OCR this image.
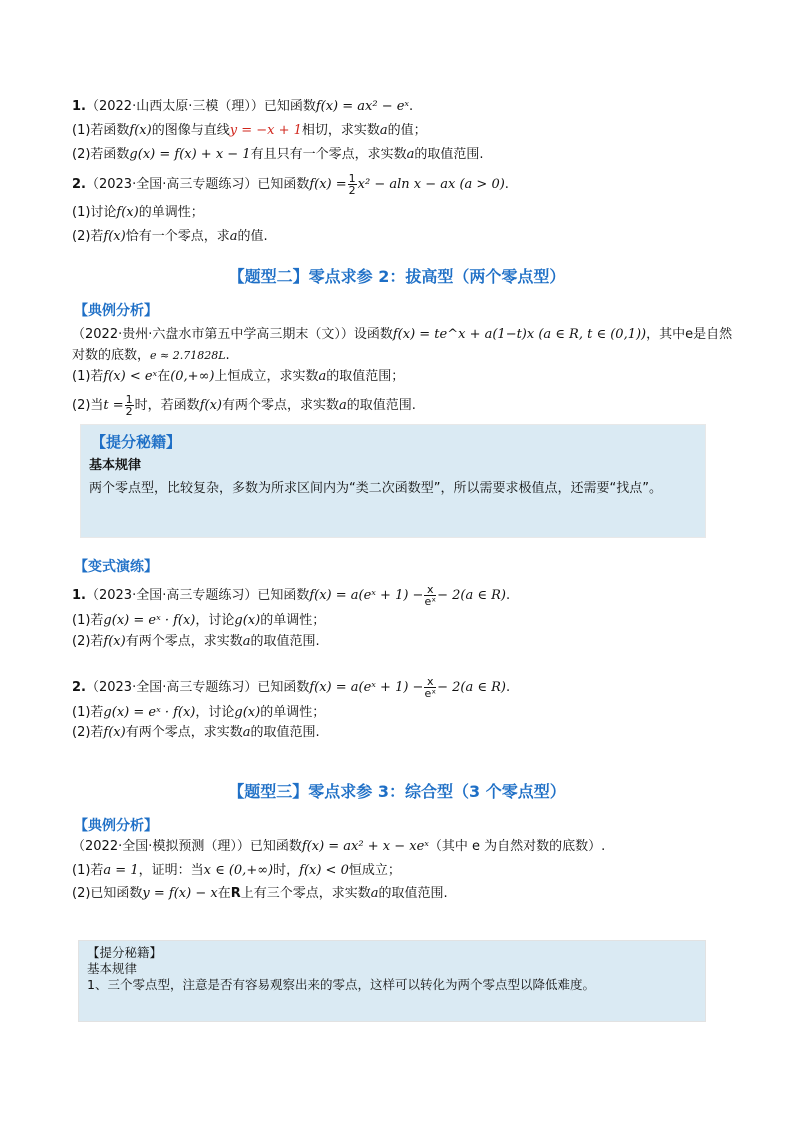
1.（2022·山西太原·三模（理））已知函数f(x) = ax² − eˣ.
(1)若函数f(x)的图像与直线y = −x + 1相切，求实数a的值；
(2)若函数g(x) = f(x) + x − 1有且只有一个零点，求实数a的取值范围.
2.（2023·全国·高三专题练习）已知函数$f(x) = \frac{1}{2} x^2 - aln$ x − ax (a > 0).
(1)讨论f(x)的单调性；
(2)若f(x)恰有一个零点，求a的值.
【题型二】零点求参 2：拔高型（两个零点型）
【典例分析】
（2022·贵州·六盘水市第五中学高三期末（文））设函数f(x) = te^x + a(1−t)x (a ∈ R, t ∈ (0,1))，其中e是自然
对数的底数，e ≈ 2.71828L.
(1)若f(x) < eˣ在(0,+∞)上恒成立，求实数a的取值范围；
(2)当$t = \frac{1}{2}$ 时，若函数f(x)有两个零点，求实数a的取值范围.
【提分秘籍】
基本规律
两个零点型，比较复杂，多数为所求区间内为“类二次函数型”，所以需要求极值点，还需要“找点”。
【变式演练】
1.（2023·全国·高三专题练习）已知函数f(x) = a(eˣ + $1) - \frac{x}{\text{eˣ}} - 2(a$ ∈ R).
(1)若g(x) = eˣ · f(x)，讨论g(x)的单调性；
(2)若f(x)有两个零点，求实数a的取值范围.
2.（2023·全国·高三专题练习）已知函数f(x) = a(eˣ + $1) - \frac{x}{\text{eˣ}} - 2(a$ ∈ R).
(1)若g(x) = eˣ · f(x)，讨论g(x)的单调性；
(2)若f(x)有两个零点，求实数a的取值范围.
【题型三】零点求参 3：综合型（3 个零点型）
【典例分析】
（2022·全国·模拟预测（理））已知函数f(x) = ax² + x − xeˣ（其中 e 为自然对数的底数）.
(1)若a = 1，证明：当x ∈ (0,+∞)时，f(x) < 0恒成立；
(2)已知函数y = f(x) − x在R上有三个零点，求实数a的取值范围.
【提分秘籍】
基本规律
1、三个零点型，注意是否有容易观察出来的零点，这样可以转化为两个零点型以降低难度。
